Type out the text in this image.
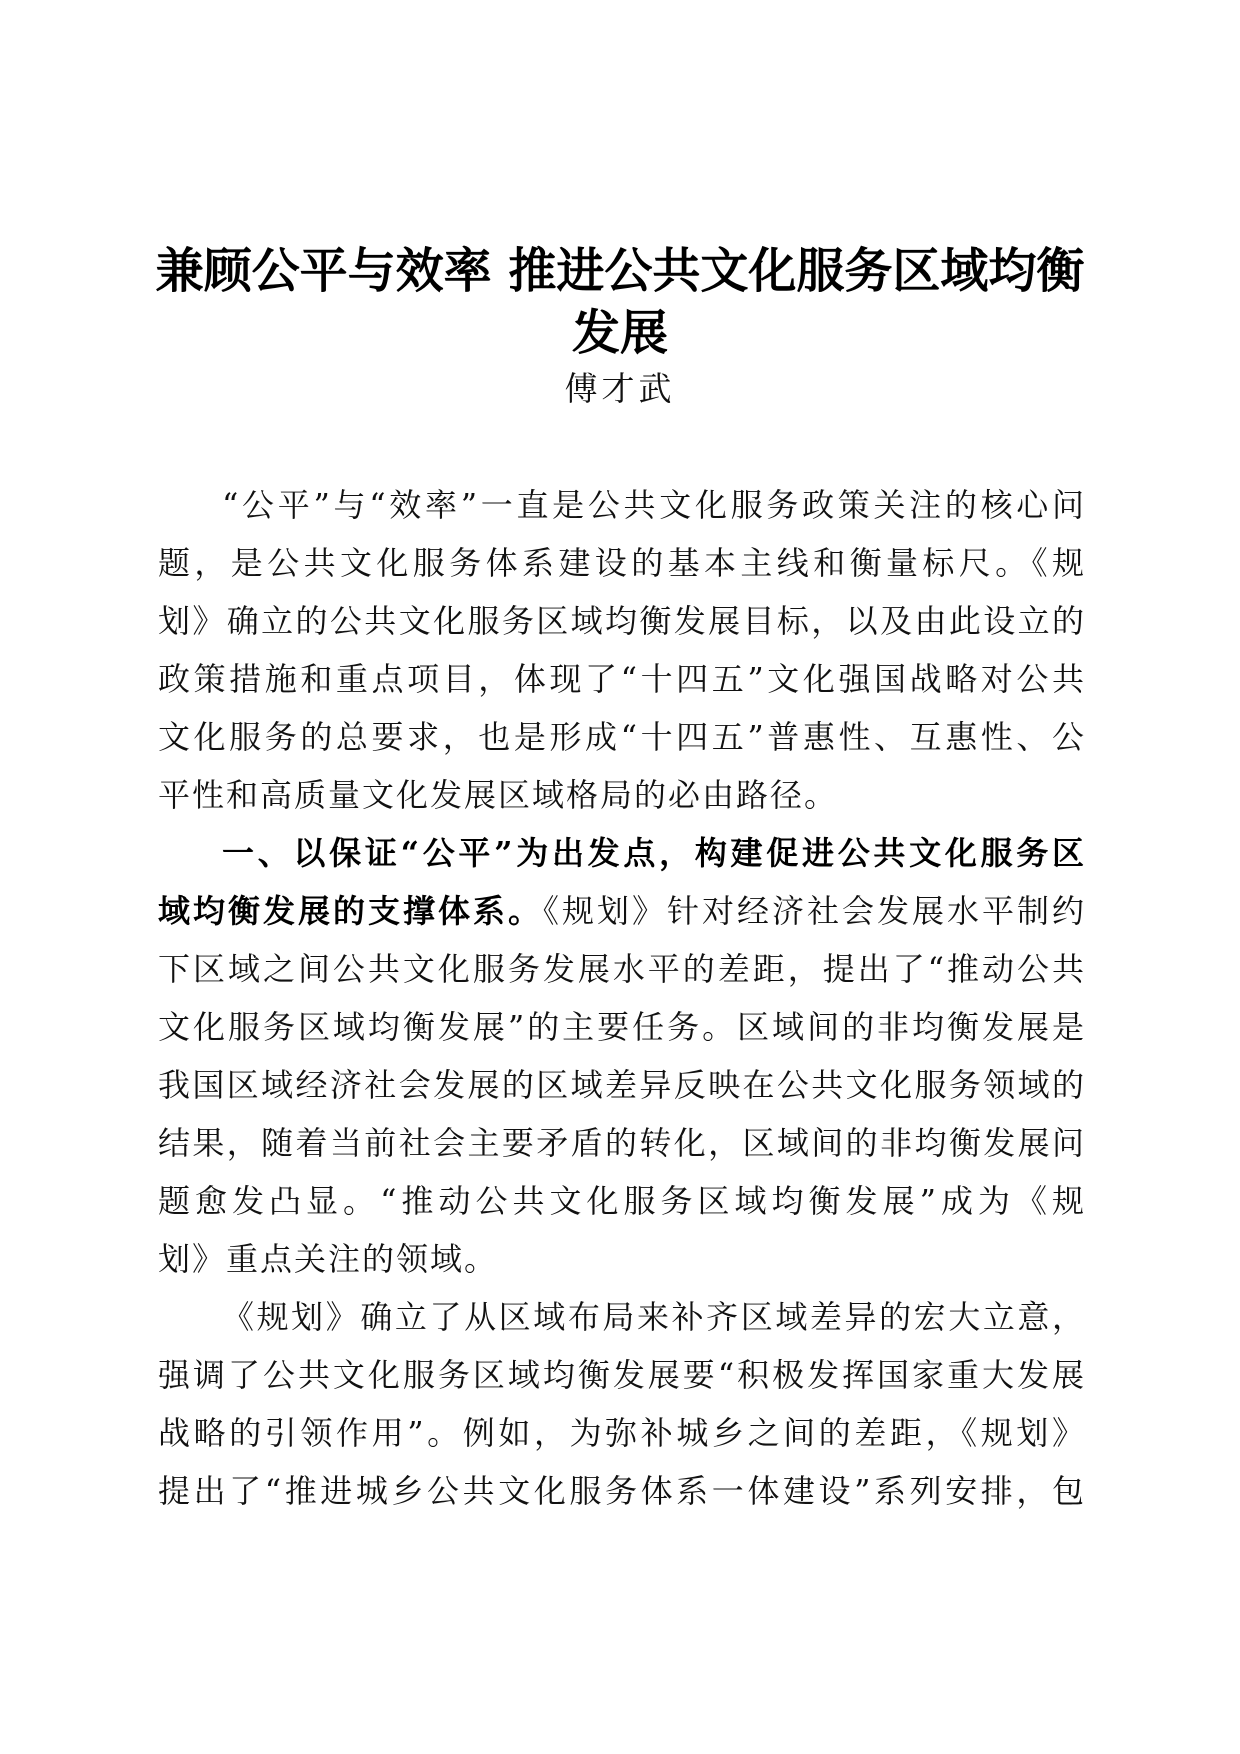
兼顾公平与效率 推进公共文化服务区域均衡
发展
傅才武
“公平”与“效率”一直是公共文化服务政策关注的核心问
题，是公共文化服务体系建设的基本主线和衡量标尺。《规
划》确立的公共文化服务区域均衡发展目标，以及由此设立的
政策措施和重点项目，体现了“十四五”文化强国战略对公共
文化服务的总要求，也是形成“十四五”普惠性、互惠性、公
平性和高质量文化发展区域格局的必由路径。
一、以保证“公平”为出发点，构建促进公共文化服务区
域均衡发展的支撑体系。《规划》针对经济社会发展水平制约
下区域之间公共文化服务发展水平的差距，提出了“推动公共
文化服务区域均衡发展”的主要任务。区域间的非均衡发展是
我国区域经济社会发展的区域差异反映在公共文化服务领域的
结果，随着当前社会主要矛盾的转化，区域间的非均衡发展问
题愈发凸显。“推动公共文化服务区域均衡发展”成为《规
划》重点关注的领域。
《规划》确立了从区域布局来补齐区域差异的宏大立意，
强调了公共文化服务区域均衡发展要“积极发挥国家重大发展
战略的引领作用”。例如，为弥补城乡之间的差距，《规划》
提出了“推进城乡公共文化服务体系一体建设”系列安排，包
